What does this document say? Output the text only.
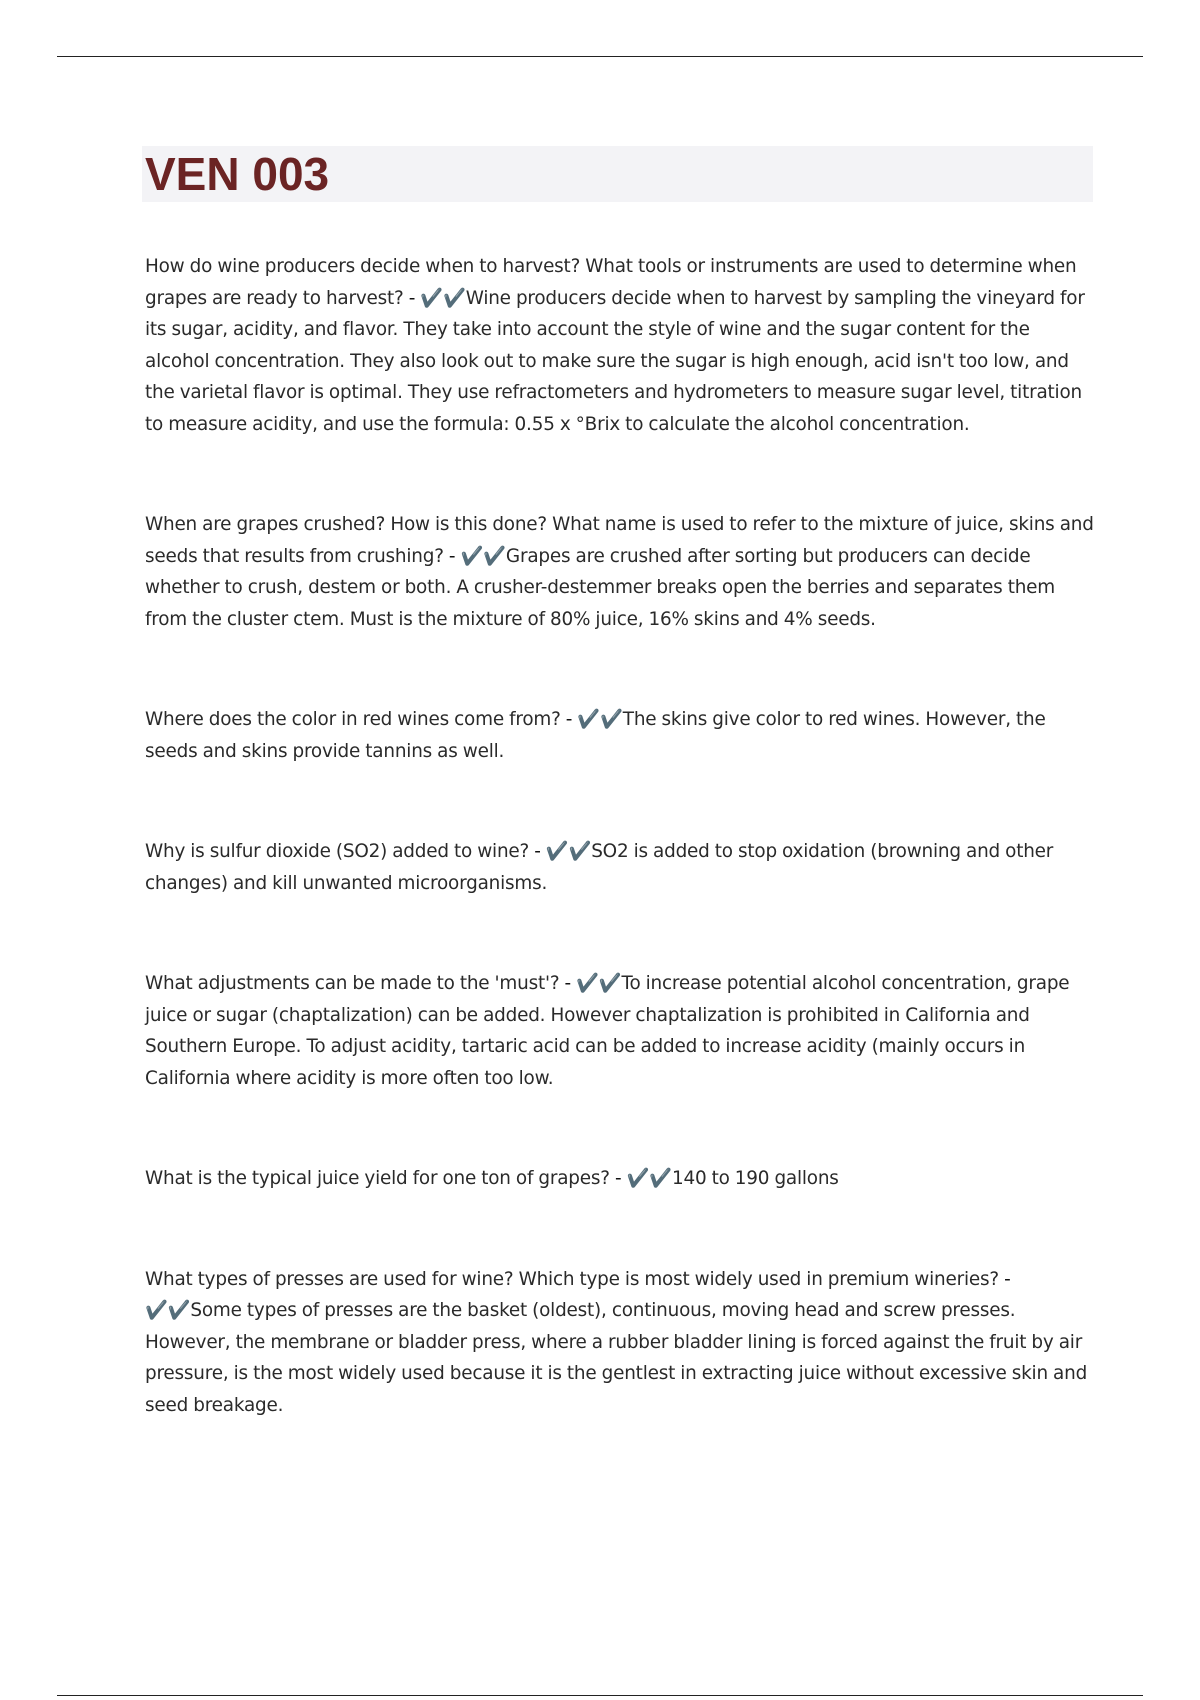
VEN 003

How do wine producers decide when to harvest? What tools or instruments are used to determine when grapes are ready to harvest? - ✔️✔️Wine producers decide when to harvest by sampling the vineyard for its sugar, acidity, and flavor. They take into account the style of wine and the sugar content for the alcohol concentration. They also look out to make sure the sugar is high enough, acid isn't too low, and the varietal flavor is optimal. They use refractometers and hydrometers to measure sugar level, titration to measure acidity, and use the formula: 0.55 x °Brix to calculate the alcohol concentration.

When are grapes crushed? How is this done? What name is used to refer to the mixture of juice, skins and seeds that results from crushing? - ✔️✔️Grapes are crushed after sorting but producers can decide whether to crush, destem or both. A crusher-destemmer breaks open the berries and separates them from the cluster ctem. Must is the mixture of 80% juice, 16% skins and 4% seeds.

Where does the color in red wines come from? - ✔️✔️The skins give color to red wines. However, the seeds and skins provide tannins as well.

Why is sulfur dioxide (SO2) added to wine? - ✔️✔️SO2 is added to stop oxidation (browning and other changes) and kill unwanted microorganisms.

What adjustments can be made to the 'must'? - ✔️✔️To increase potential alcohol concentration, grape juice or sugar (chaptalization) can be added. However chaptalization is prohibited in California and Southern Europe. To adjust acidity, tartaric acid can be added to increase acidity (mainly occurs in California where acidity is more often too low.

What is the typical juice yield for one ton of grapes? - ✔️✔️140 to 190 gallons

What types of presses are used for wine? Which type is most widely used in premium wineries? - ✔️✔️Some types of presses are the basket (oldest), continuous, moving head and screw presses. However, the membrane or bladder press, where a rubber bladder lining is forced against the fruit by air pressure, is the most widely used because it is the gentlest in extracting juice without excessive skin and seed breakage.
